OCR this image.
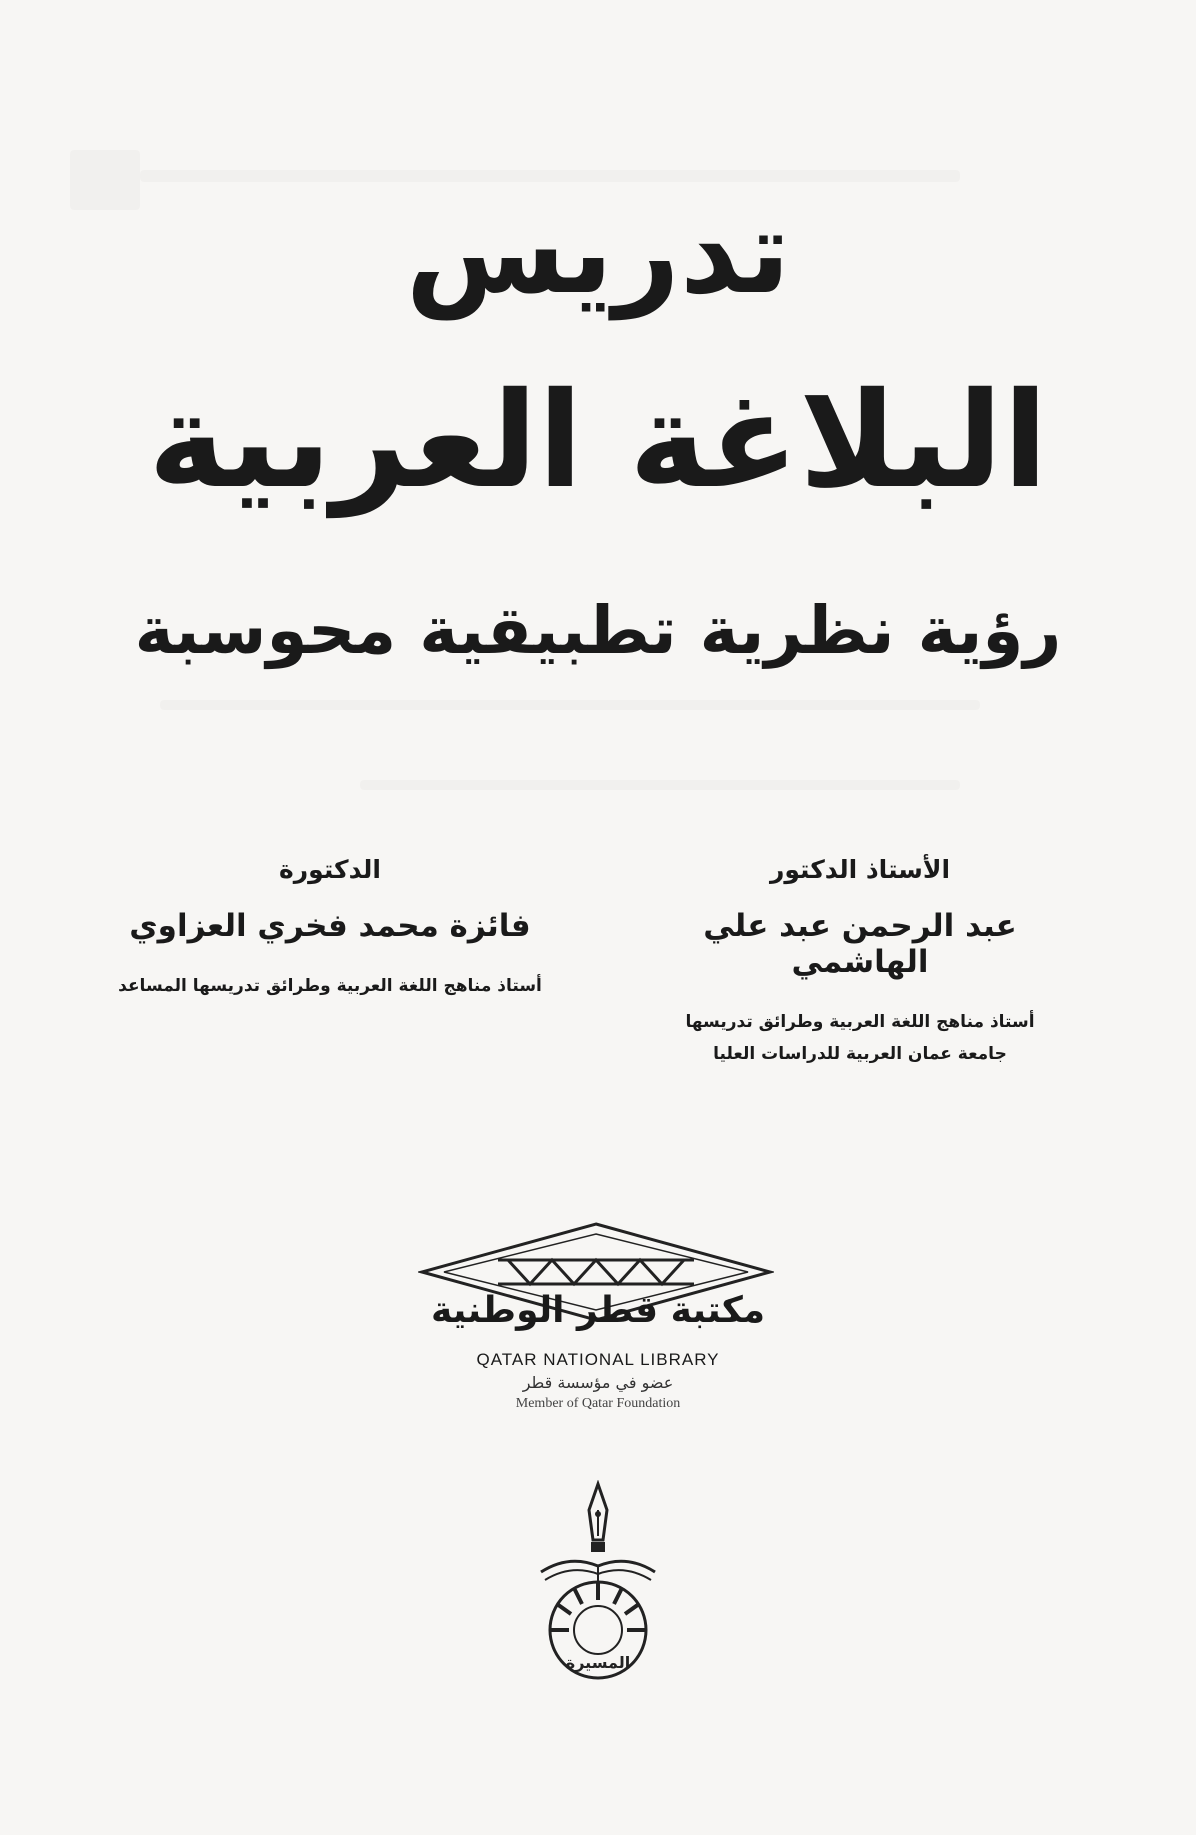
تدريس
البلاغة العربية
رؤية نظرية تطبيقية محوسبة
الأستاذ الدكتور
عبد الرحمن عبد علي الهاشمي
أستاذ مناهج اللغة العربية وطرائق تدريسها
جامعة عمان العربية للدراسات العليا
الدكتورة
فائزة محمد فخري العزاوي
أستاذ مناهج اللغة العربية وطرائق تدريسها المساعد
مكتبة قطر الوطنية
QATAR NATIONAL LIBRARY
عضو في مؤسسة قطر
Member of Qatar Foundation
المسيرة
